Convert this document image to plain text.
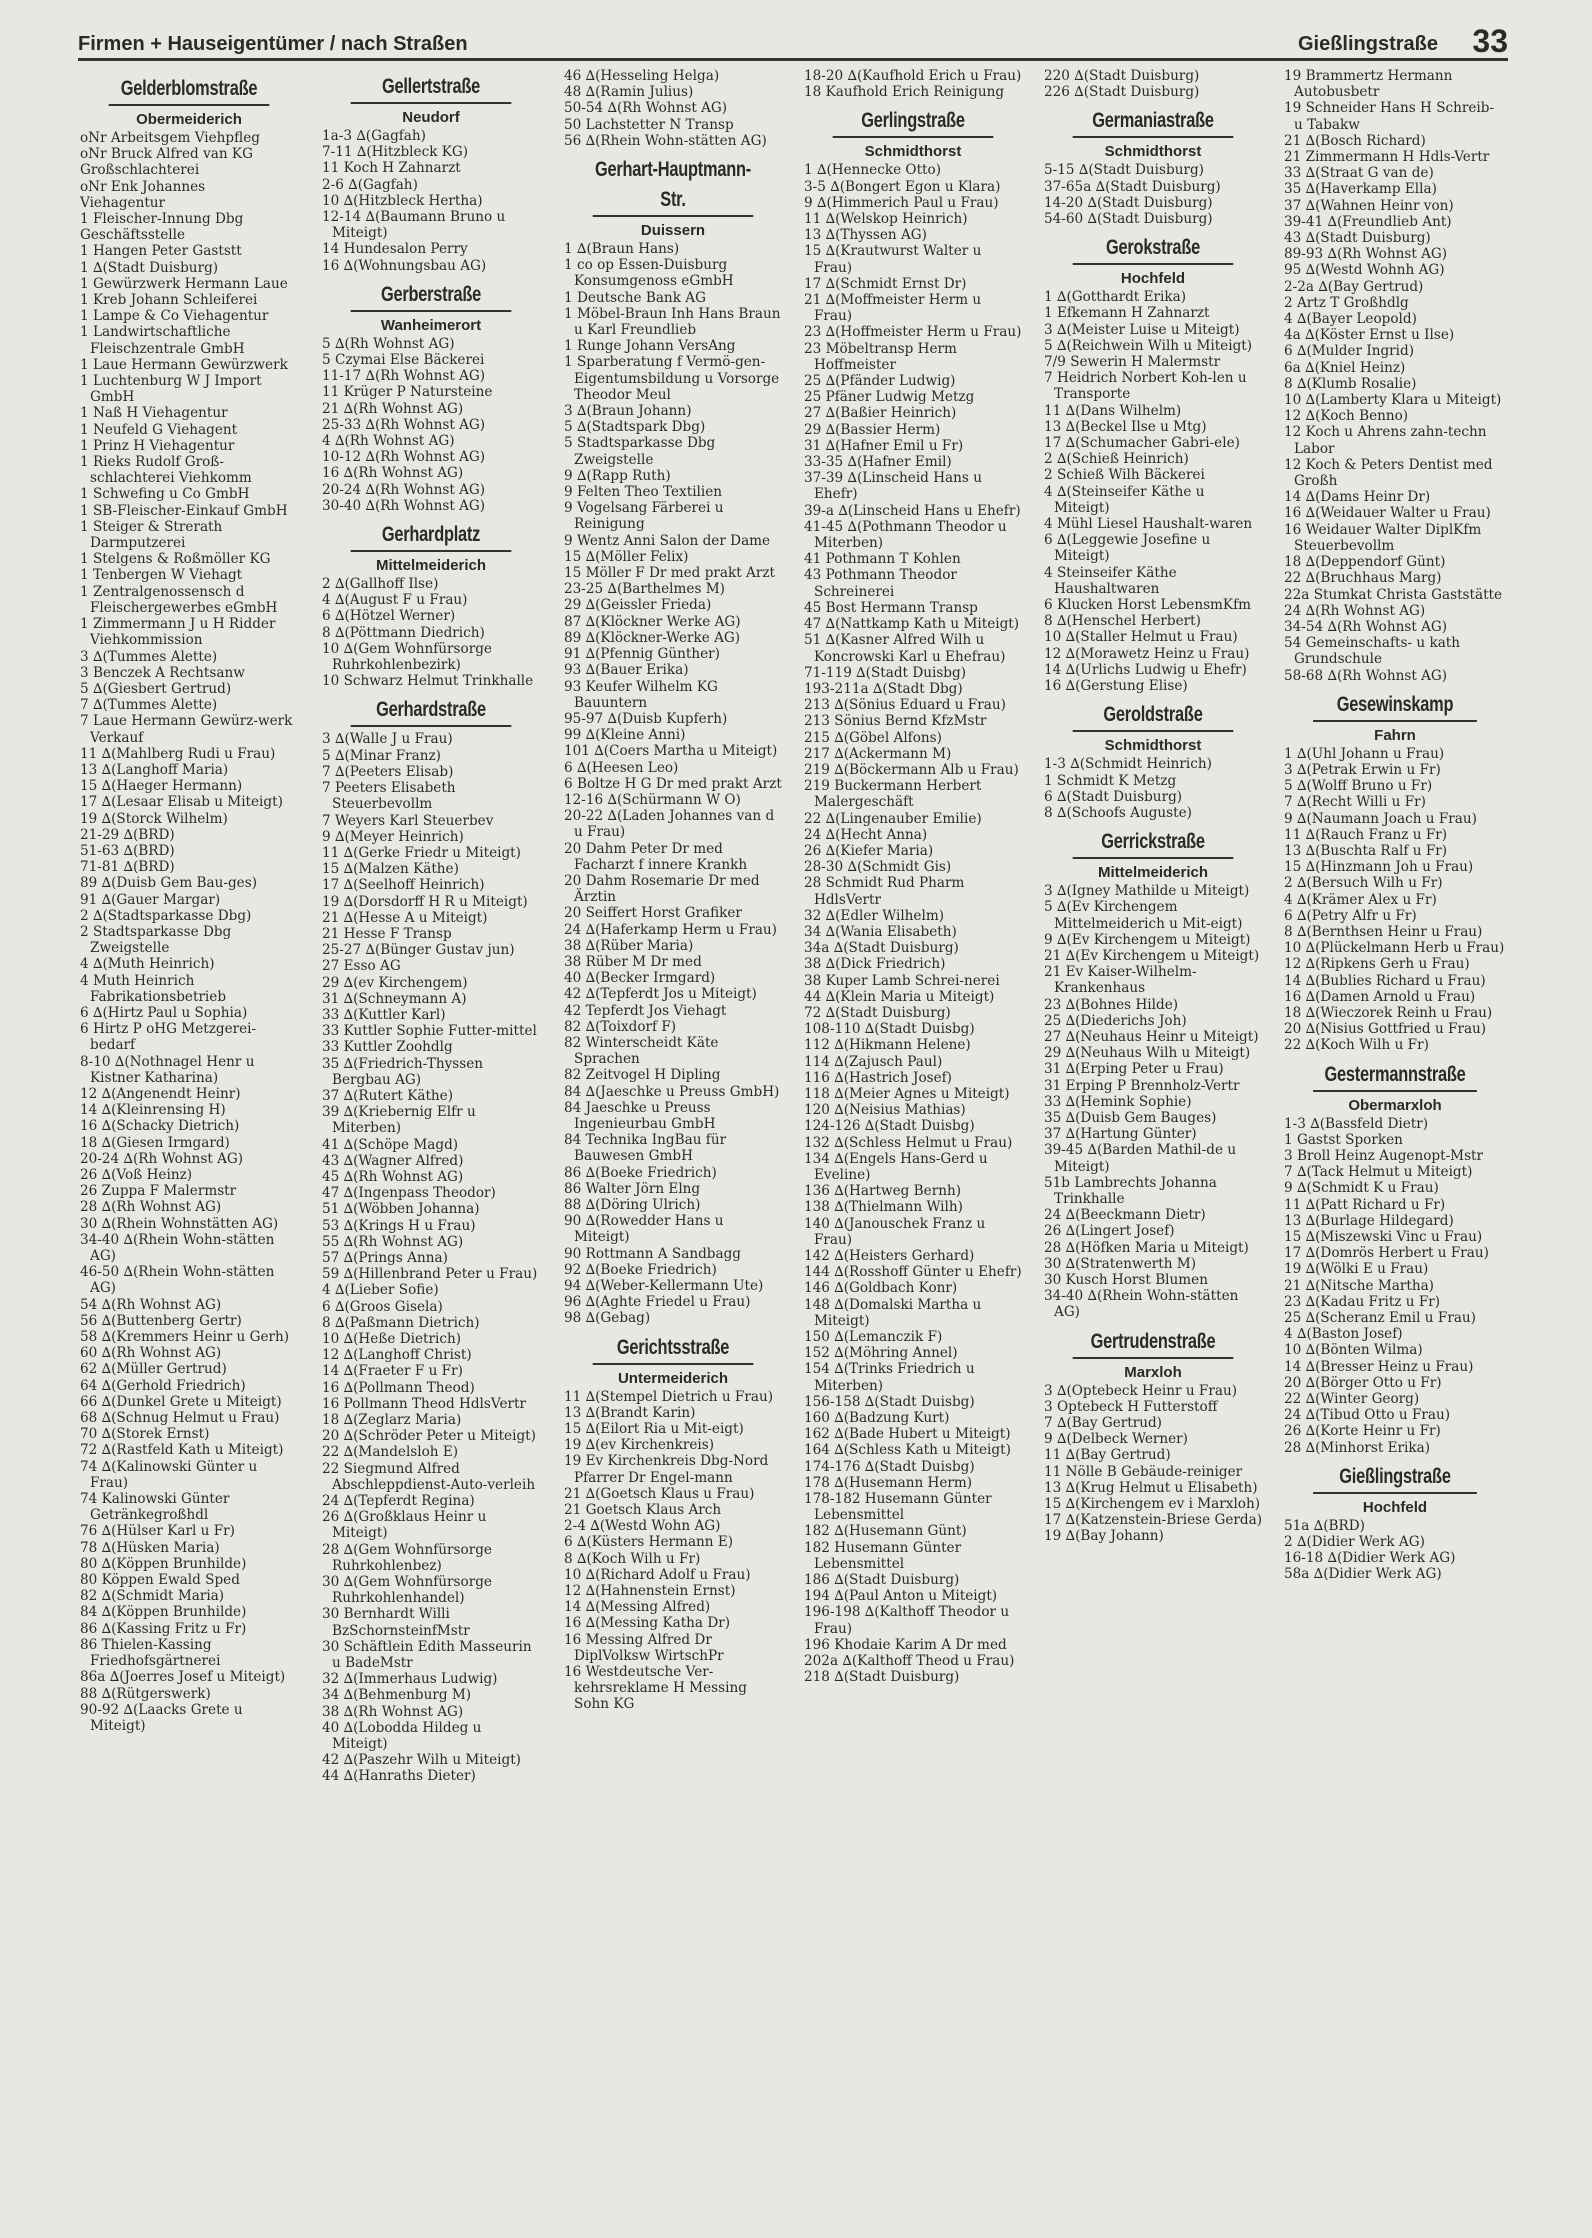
Firmen + Hauseigentümer / nach Straßen	Gießlingstraße 33
Gelderblomstraße
Obermeiderich
oNr Arbeitsgem Viehpfleg
oNr Bruck Alfred van KG
Großschlachterei
oNr Enk Johannes
Viehagentur
1 Fleischer-Innung Dbg
Geschäftsstelle
1 Hangen Peter Gaststt
1 ∆(Stadt Duisburg)
1 Gewürzwerk Hermann Laue
1 Kreb Johann Schleiferei
1 Lampe & Co Viehagentur
1 Landwirtschaftliche Fleischzentrale GmbH
1 Laue Hermann Gewürzwerk
1 Luchtenburg W J Import GmbH
1 Naß H Viehagentur
1 Neufeld G Viehagent
1 Prinz H Viehagentur
1 Rieks Rudolf Groß-schlachterei Viehkomm
1 Schwefing u Co GmbH
1 SB-Fleischer-Einkauf GmbH
1 Steiger & Strerath Darmputzerei
1 Stelgens & Roßmöller KG
1 Tenbergen W Viehagt
1 Zentralgenossensch d Fleischergewerbes eGmbH
1 Zimmermann J u H Ridder Viehkommission
3 ∆(Tummes Alette)
3 Benczek A Rechtsanw
5 ∆(Giesbert Gertrud)
7 ∆(Tummes Alette)
7 Laue Hermann Gewürz-werk Verkauf
11 ∆(Mahlberg Rudi u Frau)
13 ∆(Langhoff Maria)
15 ∆(Haeger Hermann)
17 ∆(Lesaar Elisab u Miteigt)
19 ∆(Storck Wilhelm)
21-29 ∆(BRD)
51-63 ∆(BRD)
71-81 ∆(BRD)
89 ∆(Duisb Gem Bau-ges)
91 ∆(Gauer Margar)
2 ∆(Stadtsparkasse Dbg)
2 Stadtsparkasse Dbg Zweigstelle
4 ∆(Muth Heinrich)
4 Muth Heinrich Fabrikationsbetrieb
6 ∆(Hirtz Paul u Sophia)
6 Hirtz P oHG Metzgerei-bedarf
8-10 ∆(Nothnagel Henr u Kistner Katharina)
12 ∆(Angenendt Heinr)
14 ∆(Kleinrensing H)
16 ∆(Schacky Dietrich)
18 ∆(Giesen Irmgard)
20-24 ∆(Rh Wohnst AG)
26 ∆(Voß Heinz)
26 Zuppa F Malermstr
28 ∆(Rh Wohnst AG)
30 ∆(Rhein Wohnstätten AG)
34-40 ∆(Rhein Wohn-stätten AG)
46-50 ∆(Rhein Wohn-stätten AG)
54 ∆(Rh Wohnst AG)
56 ∆(Buttenberg Gertr)
58 ∆(Kremmers Heinr u Gerh)
60 ∆(Rh Wohnst AG)
62 ∆(Müller Gertrud)
64 ∆(Gerhold Friedrich)
66 ∆(Dunkel Grete u Miteigt)
68 ∆(Schnug Helmut u Frau)
70 ∆(Storek Ernst)
72 ∆(Rastfeld Kath u Miteigt)
74 ∆(Kalinowski Günter u Frau)
74 Kalinowski Günter Getränkegroßhdl
76 ∆(Hülser Karl u Fr)
78 ∆(Hüsken Maria)
80 ∆(Köppen Brunhilde)
80 Köppen Ewald Sped
82 ∆(Schmidt Maria)
84 ∆(Köppen Brunhilde)
86 ∆(Kassing Fritz u Fr)
86 Thielen-Kassing Friedhofsgärtnerei
86a ∆(Joerres Josef u Miteigt)
88 ∆(Rütgerswerk)
90-92 ∆(Laacks Grete u Miteigt)
Gellertstraße
Neudorf
1a-3 ∆(Gagfah)
7-11 ∆(Hitzbleck KG)
11 Koch H Zahnarzt
2-6 ∆(Gagfah)
10 ∆(Hitzbleck Hertha)
12-14 ∆(Baumann Bruno u Miteigt)
14 Hundesalon Perry
16 ∆(Wohnungsbau AG)
Gerberstraße
Wanheimerort
5 ∆(Rh Wohnst AG)
5 Czymai Else Bäckerei
11-17 ∆(Rh Wohnst AG)
11 Krüger P Natursteine
21 ∆(Rh Wohnst AG)
25-33 ∆(Rh Wohnst AG)
4 ∆(Rh Wohnst AG)
10-12 ∆(Rh Wohnst AG)
16 ∆(Rh Wohnst AG)
20-24 ∆(Rh Wohnst AG)
30-40 ∆(Rh Wohnst AG)
Gerhardplatz
Mittelmeiderich
2 ∆(Gallhoff Ilse)
4 ∆(August F u Frau)
6 ∆(Hötzel Werner)
8 ∆(Pöttmann Diedrich)
10 ∆(Gem Wohnfürsorge Ruhrkohlenbezirk)
10 Schwarz Helmut Trinkhalle
Gerhardstraße
3 ∆(Walle J u Frau)
5 ∆(Minar Franz)
7 ∆(Peeters Elisab)
7 Peeters Elisabeth Steuerbevollm
7 Weyers Karl Steuerbev
9 ∆(Meyer Heinrich)
11 ∆(Gerke Friedr u Miteigt)
15 ∆(Malzen Käthe)
17 ∆(Seelhoff Heinrich)
19 ∆(Dorsdorff H R u Miteigt)
21 ∆(Hesse A u Miteigt)
21 Hesse F Transp
25-27 ∆(Bünger Gustav jun)
27 Esso AG
29 ∆(ev Kirchengem)
31 ∆(Schneymann A)
33 ∆(Kuttler Karl)
33 Kuttler Sophie Futter-mittel
33 Kuttler Zoohdlg
35 ∆(Friedrich-Thyssen Bergbau AG)
37 ∆(Rutert Käthe)
39 ∆(Kriebernig Elfr u Miterben)
41 ∆(Schöpe Magd)
43 ∆(Wagner Alfred)
45 ∆(Rh Wohnst AG)
47 ∆(Ingenpass Theodor)
51 ∆(Wöbben Johanna)
53 ∆(Krings H u Frau)
55 ∆(Rh Wohnst AG)
57 ∆(Prings Anna)
59 ∆(Hillenbrand Peter u Frau)
4 ∆(Lieber Sofie)
6 ∆(Groos Gisela)
8 ∆(Paßmann Dietrich)
10 ∆(Heße Dietrich)
12 ∆(Langhoff Christ)
14 ∆(Fraeter F u Fr)
16 ∆(Pollmann Theod)
16 Pollmann Theod HdlsVertr
18 ∆(Zeglarz Maria)
20 ∆(Schröder Peter u Miteigt)
22 ∆(Mandelsloh E)
22 Siegmund Alfred Abschleppdienst-Auto-verleih
24 ∆(Tepferdt Regina)
26 ∆(Großklaus Heinr u Miteigt)
28 ∆(Gem Wohnfürsorge Ruhrkohlenbez)
30 ∆(Gem Wohnfürsorge Ruhrkohlenhandel)
30 Bernhardt Willi BzSchornsteinfMstr
30 Schäftlein Edith Masseurin u BadeMstr
32 ∆(Immerhaus Ludwig)
34 ∆(Behmenburg M)
38 ∆(Rh Wohnst AG)
40 ∆(Lobodda Hildeg u Miteigt)
42 ∆(Paszehr Wilh u Miteigt)
44 ∆(Hanraths Dieter)
46 ∆(Hesseling Helga)
48 ∆(Ramin Julius)
50-54 ∆(Rh Wohnst AG)
50 Lachstetter N Transp
56 ∆(Rhein Wohn-stätten AG)
Gerhart-Hauptmann-Str.
Duissern
1 ∆(Braun Hans)
1 co op Essen-Duisburg Konsumgenoss eGmbH
1 Deutsche Bank AG
1 Möbel-Braun Inh Hans Braun u Karl Freundlieb
1 Runge Johann VersAng
1 Sparberatung f Vermö-gen-Eigentumsbildung u Vorsorge Theodor Meul
3 ∆(Braun Johann)
5 ∆(Stadtspark Dbg)
5 Stadtsparkasse Dbg Zweigstelle
9 ∆(Rapp Ruth)
9 Felten Theo Textilien
9 Vogelsang Färberei u Reinigung
9 Wentz Anni Salon der Dame
15 ∆(Möller Felix)
15 Möller F Dr med prakt Arzt
23-25 ∆(Barthelmes M)
29 ∆(Geissler Frieda)
87 ∆(Klöckner Werke AG)
89 ∆(Klöckner-Werke AG)
91 ∆(Pfennig Günther)
93 ∆(Bauer Erika)
93 Keufer Wilhelm KG Bauuntern
95-97 ∆(Duisb Kupferh)
99 ∆(Kleine Anni)
101 ∆(Coers Martha u Miteigt)
6 ∆(Heesen Leo)
6 Boltze H G Dr med prakt Arzt
12-16 ∆(Schürmann W O)
20-22 ∆(Laden Johannes van d u Frau)
20 Dahm Peter Dr med Facharzt f innere Krankh
20 Dahm Rosemarie Dr med Ärztin
20 Seiffert Horst Grafiker
24 ∆(Haferkamp Herm u Frau)
38 ∆(Rüber Maria)
38 Rüber M Dr med
40 ∆(Becker Irmgard)
42 ∆(Tepferdt Jos u Miteigt)
42 Tepferdt Jos Viehagt
82 ∆(Toixdorf F)
82 Winterscheidt Käte Sprachen
82 Zeitvogel H Dipling
84 ∆(Jaeschke u Preuss GmbH)
84 Jaeschke u Preuss Ingenieurbau GmbH
84 Technika IngBau für Bauwesen GmbH
86 ∆(Boeke Friedrich)
86 Walter Jörn Elng
88 ∆(Döring Ulrich)
90 ∆(Rowedder Hans u Miteigt)
90 Rottmann A Sandbagg
92 ∆(Boeke Friedrich)
94 ∆(Weber-Kellermann Ute)
96 ∆(Aghte Friedel u Frau)
98 ∆(Gebag)
Gerichtsstraße
Untermeiderich
11 ∆(Stempel Dietrich u Frau)
13 ∆(Brandt Karin)
15 ∆(Eilort Ria u Mit-eigt)
19 ∆(ev Kirchenkreis)
19 Ev Kirchenkreis Dbg-Nord Pfarrer Dr Engel-mann
21 ∆(Goetsch Klaus u Frau)
21 Goetsch Klaus Arch
2-4 ∆(Westd Wohn AG)
6 ∆(Küsters Hermann E)
8 ∆(Koch Wilh u Fr)
10 ∆(Richard Adolf u Frau)
12 ∆(Hahnenstein Ernst)
14 ∆(Messing Alfred)
16 ∆(Messing Katha Dr)
16 Messing Alfred Dr DiplVolksw WirtschPr
16 Westdeutsche Ver-kehrsreklame H Messing Sohn KG
18-20 ∆(Kaufhold Erich u Frau)
18 Kaufhold Erich Reinigung
Gerlingstraße
Schmidthorst
1 ∆(Hennecke Otto)
3-5 ∆(Bongert Egon u Klara)
9 ∆(Himmerich Paul u Frau)
11 ∆(Welskop Heinrich)
13 ∆(Thyssen AG)
15 ∆(Krautwurst Walter u Frau)
17 ∆(Schmidt Ernst Dr)
21 ∆(Moffmeister Herm u Frau)
23 ∆(Hoffmeister Herm u Frau)
23 Möbeltransp Herm Hoffmeister
25 ∆(Pfänder Ludwig)
25 Pfäner Ludwig Metzg
27 ∆(Baßier Heinrich)
29 ∆(Bassier Herm)
31 ∆(Hafner Emil u Fr)
33-35 ∆(Hafner Emil)
37-39 ∆(Linscheid Hans u Ehefr)
39-a ∆(Linscheid Hans u Ehefr)
41-45 ∆(Pothmann Theodor u Miterben)
41 Pothmann T Kohlen
43 Pothmann Theodor Schreinerei
45 Bost Hermann Transp
47 ∆(Nattkamp Kath u Miteigt)
51 ∆(Kasner Alfred Wilh u Koncrowski Karl u Ehefrau)
71-119 ∆(Stadt Duisbg)
193-211a ∆(Stadt Dbg)
213 ∆(Sönius Eduard u Frau)
213 Sönius Bernd KfzMstr
215 ∆(Göbel Alfons)
217 ∆(Ackermann M)
219 ∆(Böckermann Alb u Frau)
219 Buckermann Herbert Malergeschäft
22 ∆(Lingenauber Emilie)
24 ∆(Hecht Anna)
26 ∆(Kiefer Maria)
28-30 ∆(Schmidt Gis)
28 Schmidt Rud Pharm HdlsVertr
32 ∆(Edler Wilhelm)
34 ∆(Wania Elisabeth)
34a ∆(Stadt Duisburg)
38 ∆(Dick Friedrich)
38 Kuper Lamb Schrei-nerei
44 ∆(Klein Maria u Miteigt)
72 ∆(Stadt Duisburg)
108-110 ∆(Stadt Duisbg)
112 ∆(Hikmann Helene)
114 ∆(Zajusch Paul)
116 ∆(Hastrich Josef)
118 ∆(Meier Agnes u Miteigt)
120 ∆(Neisius Mathias)
124-126 ∆(Stadt Duisbg)
132 ∆(Schless Helmut u Frau)
134 ∆(Engels Hans-Gerd u Eveline)
136 ∆(Hartweg Bernh)
138 ∆(Thielmann Wilh)
140 ∆(Janouschek Franz u Frau)
142 ∆(Heisters Gerhard)
144 ∆(Rosshoff Günter u Ehefr)
146 ∆(Goldbach Konr)
148 ∆(Domalski Martha u Miteigt)
150 ∆(Lemanczik F)
152 ∆(Möhring Annel)
154 ∆(Trinks Friedrich u Miterben)
156-158 ∆(Stadt Duisbg)
160 ∆(Badzung Kurt)
162 ∆(Bade Hubert u Miteigt)
164 ∆(Schless Kath u Miteigt)
174-176 ∆(Stadt Duisbg)
178 ∆(Husemann Herm)
178-182 Husemann Günter Lebensmittel
182 ∆(Husemann Günt)
182 Husemann Günter Lebensmittel
186 ∆(Stadt Duisburg)
194 ∆(Paul Anton u Miteigt)
196-198 ∆(Kalthoff Theodor u Frau)
196 Khodaie Karim A Dr med
202a ∆(Kalthoff Theod u Frau)
218 ∆(Stadt Duisburg)
220 ∆(Stadt Duisburg)
226 ∆(Stadt Duisburg)
Germaniastraße
Schmidthorst
5-15 ∆(Stadt Duisburg)
37-65a ∆(Stadt Duisburg)
14-20 ∆(Stadt Duisburg)
54-60 ∆(Stadt Duisburg)
Gerokstraße
Hochfeld
1 ∆(Gotthardt Erika)
1 Efkemann H Zahnarzt
3 ∆(Meister Luise u Miteigt)
5 ∆(Reichwein Wilh u Miteigt)
7/9 Sewerin H Malermstr
7 Heidrich Norbert Koh-len u Transporte
11 ∆(Dans Wilhelm)
13 ∆(Beckel Ilse u Mtg)
17 ∆(Schumacher Gabri-ele)
2 ∆(Schieß Heinrich)
2 Schieß Wilh Bäckerei
4 ∆(Steinseifer Käthe u Miteigt)
4 Mühl Liesel Haushalt-waren
6 ∆(Leggewie Josefine u Miteigt)
4 Steinseifer Käthe Haushaltwaren
6 Klucken Horst LebensmKfm
8 ∆(Henschel Herbert)
10 ∆(Staller Helmut u Frau)
12 ∆(Morawetz Heinz u Frau)
14 ∆(Urlichs Ludwig u Ehefr)
16 ∆(Gerstung Elise)
Geroldstraße
Schmidthorst
1-3 ∆(Schmidt Heinrich)
1 Schmidt K Metzg
6 ∆(Stadt Duisburg)
8 ∆(Schoofs Auguste)
Gerrickstraße
Mittelmeiderich
3 ∆(Igney Mathilde u Miteigt)
5 ∆(Ev Kirchengem Mittelmeiderich u Mit-eigt)
9 ∆(Ev Kirchengem u Miteigt)
21 ∆(Ev Kirchengem u Miteigt)
21 Ev Kaiser-Wilhelm-Krankenhaus
23 ∆(Bohnes Hilde)
25 ∆(Diederichs Joh)
27 ∆(Neuhaus Heinr u Miteigt)
29 ∆(Neuhaus Wilh u Miteigt)
31 ∆(Erping Peter u Frau)
31 Erping P Brennholz-Vertr
33 ∆(Hemink Sophie)
35 ∆(Duisb Gem Bauges)
37 ∆(Hartung Günter)
39-45 ∆(Barden Mathil-de u Miteigt)
51b Lambrechts Johanna Trinkhalle
24 ∆(Beeckmann Dietr)
26 ∆(Lingert Josef)
28 ∆(Höfken Maria u Miteigt)
30 ∆(Stratenwerth M)
30 Kusch Horst Blumen
34-40 ∆(Rhein Wohn-stätten AG)
Gertrudenstraße
Marxloh
3 ∆(Optebeck Heinr u Frau)
3 Optebeck H Futterstoff
7 ∆(Bay Gertrud)
9 ∆(Delbeck Werner)
11 ∆(Bay Gertrud)
11 Nölle B Gebäude-reiniger
13 ∆(Krug Helmut u Elisabeth)
15 ∆(Kirchengem ev i Marxloh)
17 ∆(Katzenstein-Briese Gerda)
19 ∆(Bay Johann)
19 Brammertz Hermann Autobusbetr
19 Schneider Hans H Schreib- u Tabakw
21 ∆(Bosch Richard)
21 Zimmermann H Hdls-Vertr
33 ∆(Straat G van de)
35 ∆(Haverkamp Ella)
37 ∆(Wahnen Heinr von)
39-41 ∆(Freundlieb Ant)
43 ∆(Stadt Duisburg)
89-93 ∆(Rh Wohnst AG)
95 ∆(Westd Wohnh AG)
2-2a ∆(Bay Gertrud)
2 Artz T Großhdlg
4 ∆(Bayer Leopold)
4a ∆(Köster Ernst u Ilse)
6 ∆(Mulder Ingrid)
6a ∆(Kniel Heinz)
8 ∆(Klumb Rosalie)
10 ∆(Lamberty Klara u Miteigt)
12 ∆(Koch Benno)
12 Koch u Ahrens zahn-techn Labor
12 Koch & Peters Dentist med Großh
14 ∆(Dams Heinr Dr)
16 ∆(Weidauer Walter u Frau)
16 Weidauer Walter DiplKfm Steuerbevollm
18 ∆(Deppendorf Günt)
22 ∆(Bruchhaus Marg)
22a Stumkat Christa Gaststätte
24 ∆(Rh Wohnst AG)
34-54 ∆(Rh Wohnst AG)
54 Gemeinschafts- u kath Grundschule
58-68 ∆(Rh Wohnst AG)
Gesewinskamp
Fahrn
1 ∆(Uhl Johann u Frau)
3 ∆(Petrak Erwin u Fr)
5 ∆(Wolff Bruno u Fr)
7 ∆(Recht Willi u Fr)
9 ∆(Naumann Joach u Frau)
11 ∆(Rauch Franz u Fr)
13 ∆(Buschta Ralf u Fr)
15 ∆(Hinzmann Joh u Frau)
2 ∆(Bersuch Wilh u Fr)
4 ∆(Krämer Alex u Fr)
6 ∆(Petry Alfr u Fr)
8 ∆(Bernthsen Heinr u Frau)
10 ∆(Plückelmann Herb u Frau)
12 ∆(Ripkens Gerh u Frau)
14 ∆(Bublies Richard u Frau)
16 ∆(Damen Arnold u Frau)
18 ∆(Wieczorek Reinh u Frau)
20 ∆(Nisius Gottfried u Frau)
22 ∆(Koch Wilh u Fr)
Gestermannstraße
Obermarxloh
1-3 ∆(Bassfeld Dietr)
1 Gastst Sporken
3 Broll Heinz Augenopt-Mstr
7 ∆(Tack Helmut u Miteigt)
9 ∆(Schmidt K u Frau)
11 ∆(Patt Richard u Fr)
13 ∆(Burlage Hildegard)
15 ∆(Miszewski Vinc u Frau)
17 ∆(Domrös Herbert u Frau)
19 ∆(Wölki E u Frau)
21 ∆(Nitsche Martha)
23 ∆(Kadau Fritz u Fr)
25 ∆(Scheranz Emil u Frau)
4 ∆(Baston Josef)
10 ∆(Bönten Wilma)
14 ∆(Bresser Heinz u Frau)
20 ∆(Börger Otto u Fr)
22 ∆(Winter Georg)
24 ∆(Tibud Otto u Frau)
26 ∆(Korte Heinr u Fr)
28 ∆(Minhorst Erika)
Gießlingstraße
Hochfeld
51a ∆(BRD)
2 ∆(Didier Werk AG)
16-18 ∆(Didier Werk AG)
58a ∆(Didier Werk AG)
